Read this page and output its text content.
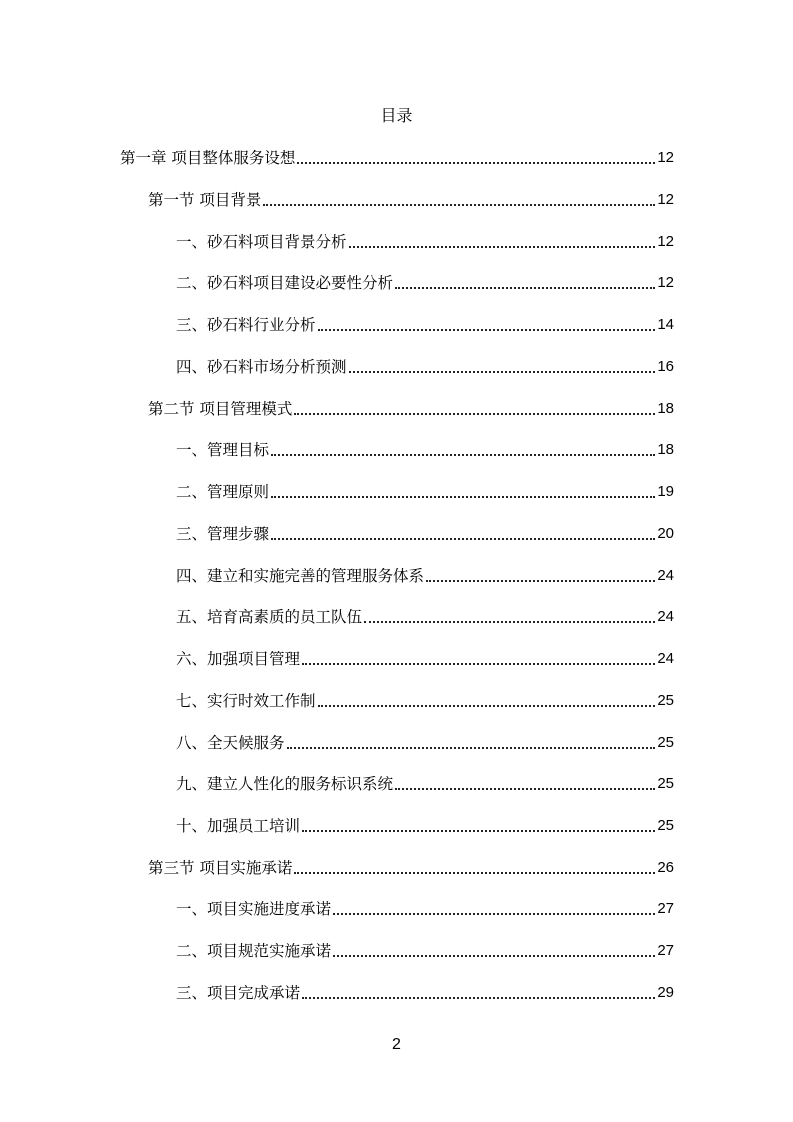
目录
第一章 项目整体服务设想	12
第一节 项目背景	12
一、砂石料项目背景分析	12
二、砂石料项目建设必要性分析	12
三、砂石料行业分析	14
四、砂石料市场分析预测	16
第二节 项目管理模式	18
一、管理目标	18
二、管理原则	19
三、管理步骤	20
四、建立和实施完善的管理服务体系	24
五、培育高素质的员工队伍	24
六、加强项目管理	24
七、实行时效工作制	25
八、全天候服务	25
九、建立人性化的服务标识系统	25
十、加强员工培训	25
第三节 项目实施承诺	26
一、项目实施进度承诺	27
二、项目规范实施承诺	27
三、项目完成承诺	29
2
